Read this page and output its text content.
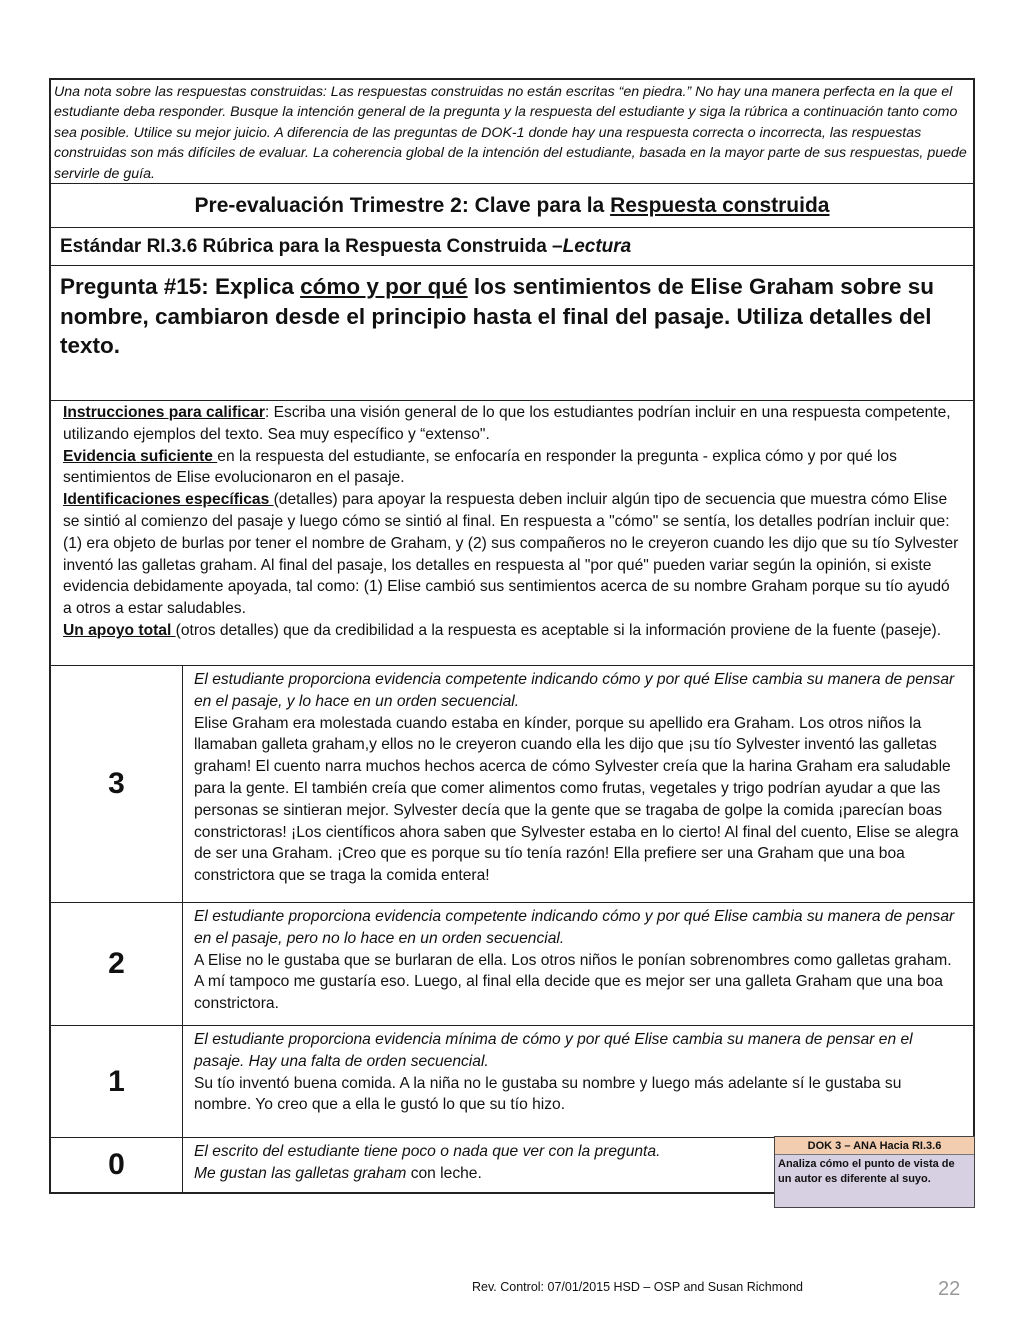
Una nota sobre las respuestas construidas: Las respuestas construidas no están escritas “en piedra.” No hay una manera perfecta en la que el estudiante deba responder. Busque la intención general de la pregunta y la respuesta del estudiante y siga la rúbrica a continuación tanto como sea posible. Utilice su mejor juicio. A diferencia de las preguntas de DOK-1 donde hay una respuesta correcta o incorrecta, las respuestas construidas son más difíciles de evaluar. La coherencia global de la intención del estudiante, basada en la mayor parte de sus respuestas, puede servirle de guía.
Pre-evaluación Trimestre 2: Clave para la
Respuesta construida
Estándar RI.3.6 Rúbrica para la Respuesta Construida – Lectura
Pregunta #15: Explica cómo y por qué los sentimientos de Elise Graham sobre su nombre, cambiaron desde el principio hasta el final del pasaje. Utiliza detalles del texto.
Instrucciones para calificar: Escriba una visión general de lo que los estudiantes podrían incluir en una respuesta competente, utilizando ejemplos del texto. Sea muy específico y “extenso".
Evidencia suficiente en la respuesta del estudiante, se enfocaría en responder la pregunta - explica cómo y por qué los sentimientos de Elise evolucionaron en el pasaje.
Identificaciones específicas (detalles) para apoyar la respuesta deben incluir algún tipo de secuencia que muestra cómo Elise se sintió al comienzo del pasaje y luego cómo se sintió al final. En respuesta a "cómo" se sentía, los detalles podrían incluir que: (1) era objeto de burlas por tener el nombre de Graham, y (2) sus compañeros no le creyeron cuando les dijo que su tío Sylvester inventó las galletas graham. Al final del pasaje, los detalles en respuesta al "por qué" pueden variar según la opinión, si existe evidencia debidamente apoyada, tal como: (1) Elise cambió sus sentimientos acerca de su nombre Graham porque su tío ayudó a otros a estar saludables.
Un apoyo total (otros detalles) que da credibilidad a la respuesta es aceptable si la información proviene de la fuente (paseje).
3
El estudiante proporciona evidencia competente indicando cómo y por qué Elise cambia su manera de pensar en el pasaje, y lo hace en un orden secuencial.
Elise Graham era molestada cuando estaba en kínder, porque su apellido era Graham. Los otros niños la llamaban galleta graham,y ellos no le creyeron cuando ella les dijo que ¡su tío Sylvester inventó las galletas graham! El cuento narra muchos hechos acerca de cómo Sylvester creía que la harina Graham era saludable para la gente. El también creía que comer alimentos como frutas, vegetales y trigo podrían ayudar a que las personas se sintieran mejor. Sylvester decía que la gente que se tragaba de golpe la comida ¡parecían boas constrictoras! ¡Los científicos ahora saben que Sylvester estaba en lo cierto! Al final del cuento, Elise se alegra de ser una Graham. ¡Creo que es porque su tío tenía razón! Ella prefiere ser una Graham que una boa constrictora que se traga la comida entera!
2
El estudiante proporciona evidencia competente indicando cómo y por qué Elise cambia su manera de pensar en el pasaje, pero no lo hace en un orden secuencial.
A Elise no le gustaba que se burlaran de ella. Los otros niños le ponían sobrenombres como galletas graham. A mí tampoco me gustaría eso. Luego, al final ella decide que es mejor ser una galleta Graham que una boa constrictora.
1
El estudiante proporciona evidencia mínima de cómo y por qué Elise cambia su manera de pensar en el pasaje. Hay una falta de orden secuencial.
Su tío inventó buena comida. A la niña no le gustaba su nombre y luego más adelante sí le gustaba su nombre. Yo creo que a ella le gustó lo que su tío hizo.
0	El escrito del estudiante tiene poco o nada que ver con la pregunta.
Me gustan las galletas graham con leche.
DOK 3 – ANA Hacia RI.3.6
Analiza cómo el punto de vista de un autor es diferente al suyo.
Rev. Control: 07/01/2015 HSD – OSP and Susan Richmond	22
